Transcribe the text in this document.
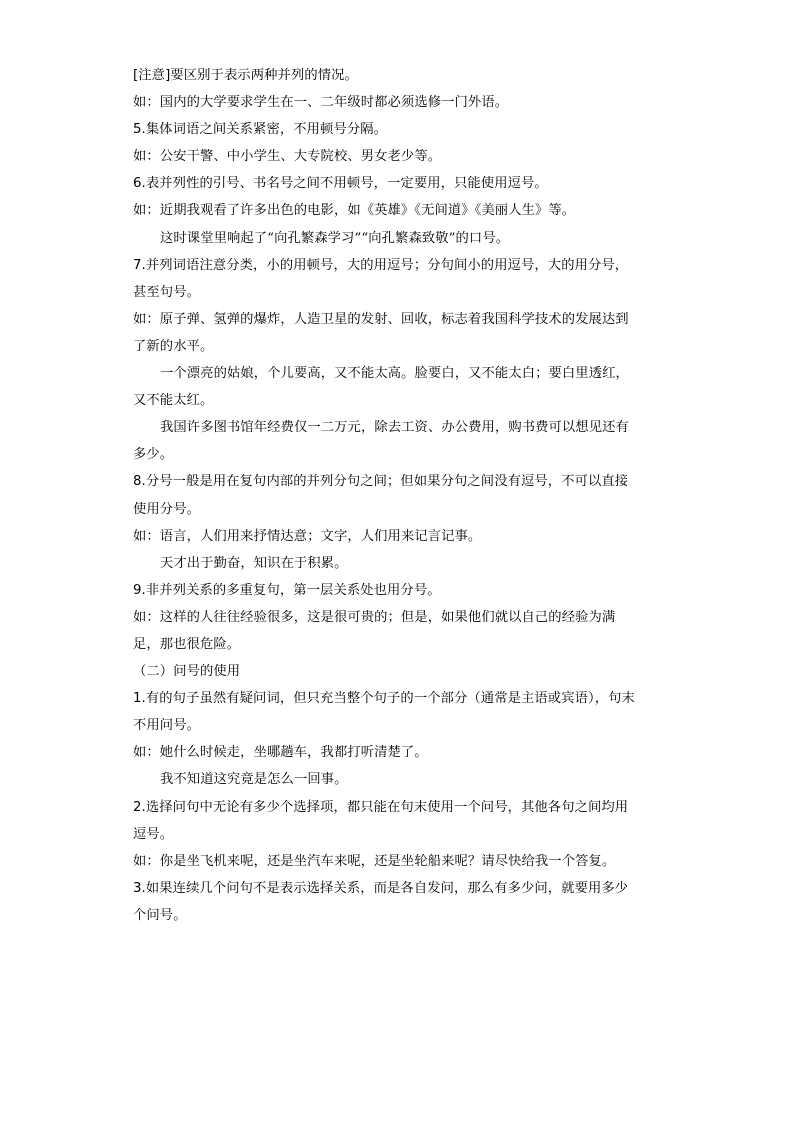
[注意]要区别于表示两种并列的情况。
如：国内的大学要求学生在一、二年级时都必须选修一门外语。
5.集体词语之间关系紧密，不用顿号分隔。
如：公安干警、中小学生、大专院校、男女老少等。
6.表并列性的引号、书名号之间不用顿号，一定要用，只能使用逗号。
如：近期我观看了许多出色的电影，如《英雄》《无间道》《美丽人生》等。
这时课堂里响起了“向孔繁森学习”“向孔繁森致敬”的口号。
7.并列词语注意分类，小的用顿号，大的用逗号；分句间小的用逗号，大的用分号，
甚至句号。
如：原子弹、氢弹的爆炸，人造卫星的发射、回收，标志着我国科学技术的发展达到
了新的水平。
一个漂亮的姑娘，个儿要高，又不能太高。脸要白，又不能太白；要白里透红，
又不能太红。
我国许多图书馆年经费仅一二万元，除去工资、办公费用，购书费可以想见还有
多少。
8.分号一般是用在复句内部的并列分句之间；但如果分句之间没有逗号，不可以直接
使用分号。
如：语言，人们用来抒情达意；文字，人们用来记言记事。
天才出于勤奋，知识在于积累。
9.非并列关系的多重复句，第一层关系处也用分号。
如：这样的人往往经验很多，这是很可贵的；但是，如果他们就以自己的经验为满
足，那也很危险。
（二）问号的使用
1.有的句子虽然有疑问词，但只充当整个句子的一个部分（通常是主语或宾语），句末
不用问号。
如：她什么时候走，坐哪趟车，我都打听清楚了。
我不知道这究竟是怎么一回事。
2.选择问句中无论有多少个选择项，都只能在句末使用一个问号，其他各句之间均用
逗号。
如：你是坐飞机来呢，还是坐汽车来呢，还是坐轮船来呢？请尽快给我一个答复。
3.如果连续几个问句不是表示选择关系，而是各自发问，那么有多少问，就要用多少
个问号。
